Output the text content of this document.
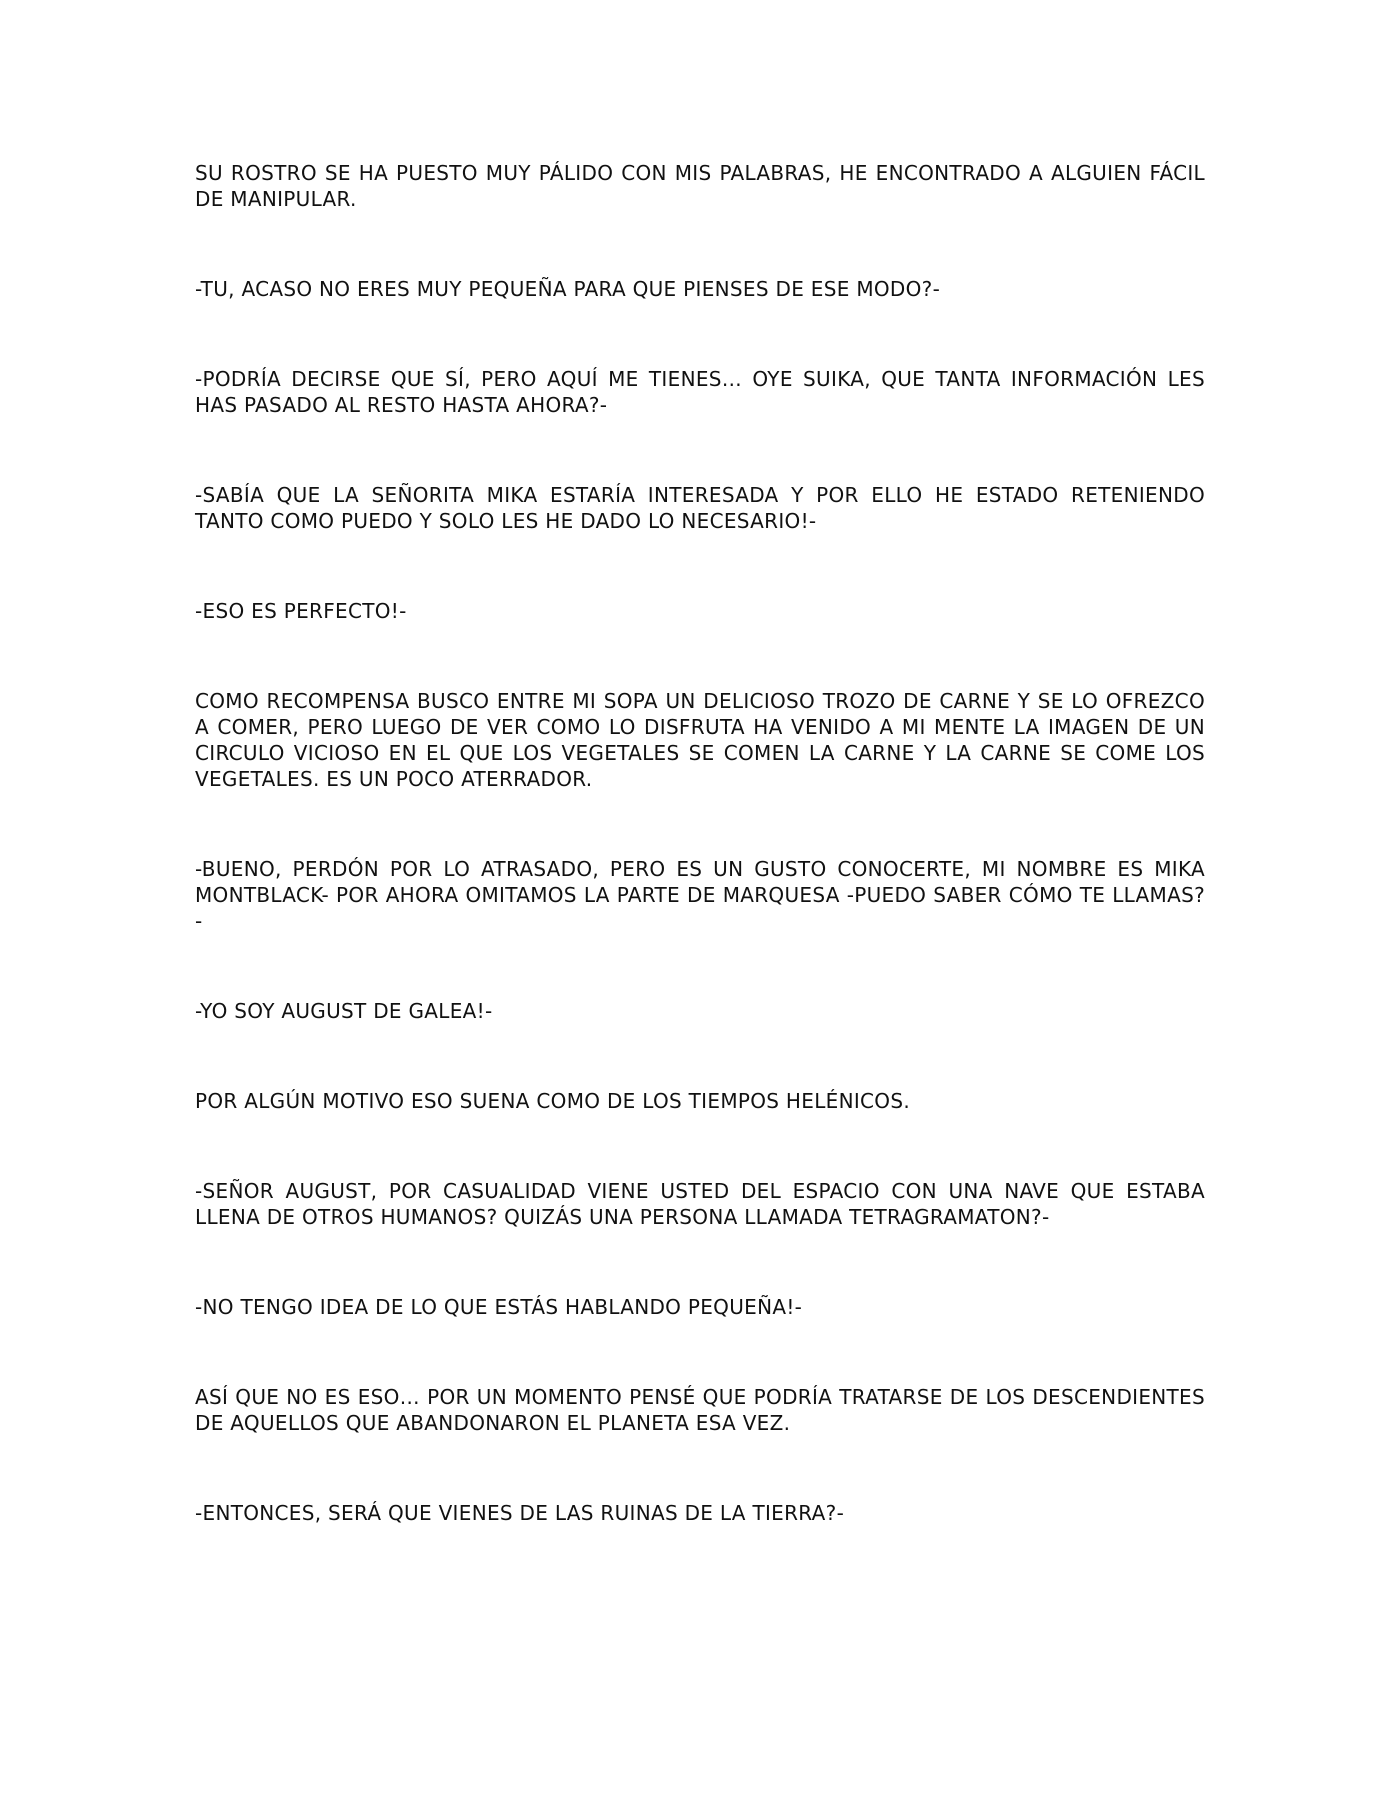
SU ROSTRO SE HA PUESTO MUY PÁLIDO CON MIS PALABRAS, HE ENCONTRADO A ALGUIEN FÁCIL DE MANIPULAR.

-TU, ACASO NO ERES MUY PEQUEÑA PARA QUE PIENSES DE ESE MODO?-

-PODRÍA DECIRSE QUE SÍ, PERO AQUÍ ME TIENES… OYE SUIKA, QUE TANTA INFORMACIÓN LES HAS PASADO AL RESTO HASTA AHORA?-

-SABÍA QUE LA SEÑORITA MIKA ESTARÍA INTERESADA Y POR ELLO HE ESTADO RETENIENDO TANTO COMO PUEDO Y SOLO LES HE DADO LO NECESARIO!-

-ESO ES PERFECTO!-

COMO RECOMPENSA BUSCO ENTRE MI SOPA UN DELICIOSO TROZO DE CARNE Y SE LO OFREZCO A COMER, PERO LUEGO DE VER COMO LO DISFRUTA HA VENIDO A MI MENTE LA IMAGEN DE UN CIRCULO VICIOSO EN EL QUE LOS VEGETALES SE COMEN LA CARNE Y LA CARNE SE COME LOS VEGETALES. ES UN POCO ATERRADOR.

-BUENO, PERDÓN POR LO ATRASADO, PERO ES UN GUSTO CONOCERTE, MI NOMBRE ES MIKA MONTBLACK- POR AHORA OMITAMOS LA PARTE DE MARQUESA -PUEDO SABER CÓMO TE LLAMAS?-

-YO SOY AUGUST DE GALEA!-

POR ALGÚN MOTIVO ESO SUENA COMO DE LOS TIEMPOS HELÉNICOS.

-SEÑOR AUGUST, POR CASUALIDAD VIENE USTED DEL ESPACIO CON UNA NAVE QUE ESTABA LLENA DE OTROS HUMANOS? QUIZÁS UNA PERSONA LLAMADA TETRAGRAMATON?-

-NO TENGO IDEA DE LO QUE ESTÁS HABLANDO PEQUEÑA!-

ASÍ QUE NO ES ESO… POR UN MOMENTO PENSÉ QUE PODRÍA TRATARSE DE LOS DESCENDIENTES DE AQUELLOS QUE ABANDONARON EL PLANETA ESA VEZ.

-ENTONCES, SERÁ QUE VIENES DE LAS RUINAS DE LA TIERRA?-
